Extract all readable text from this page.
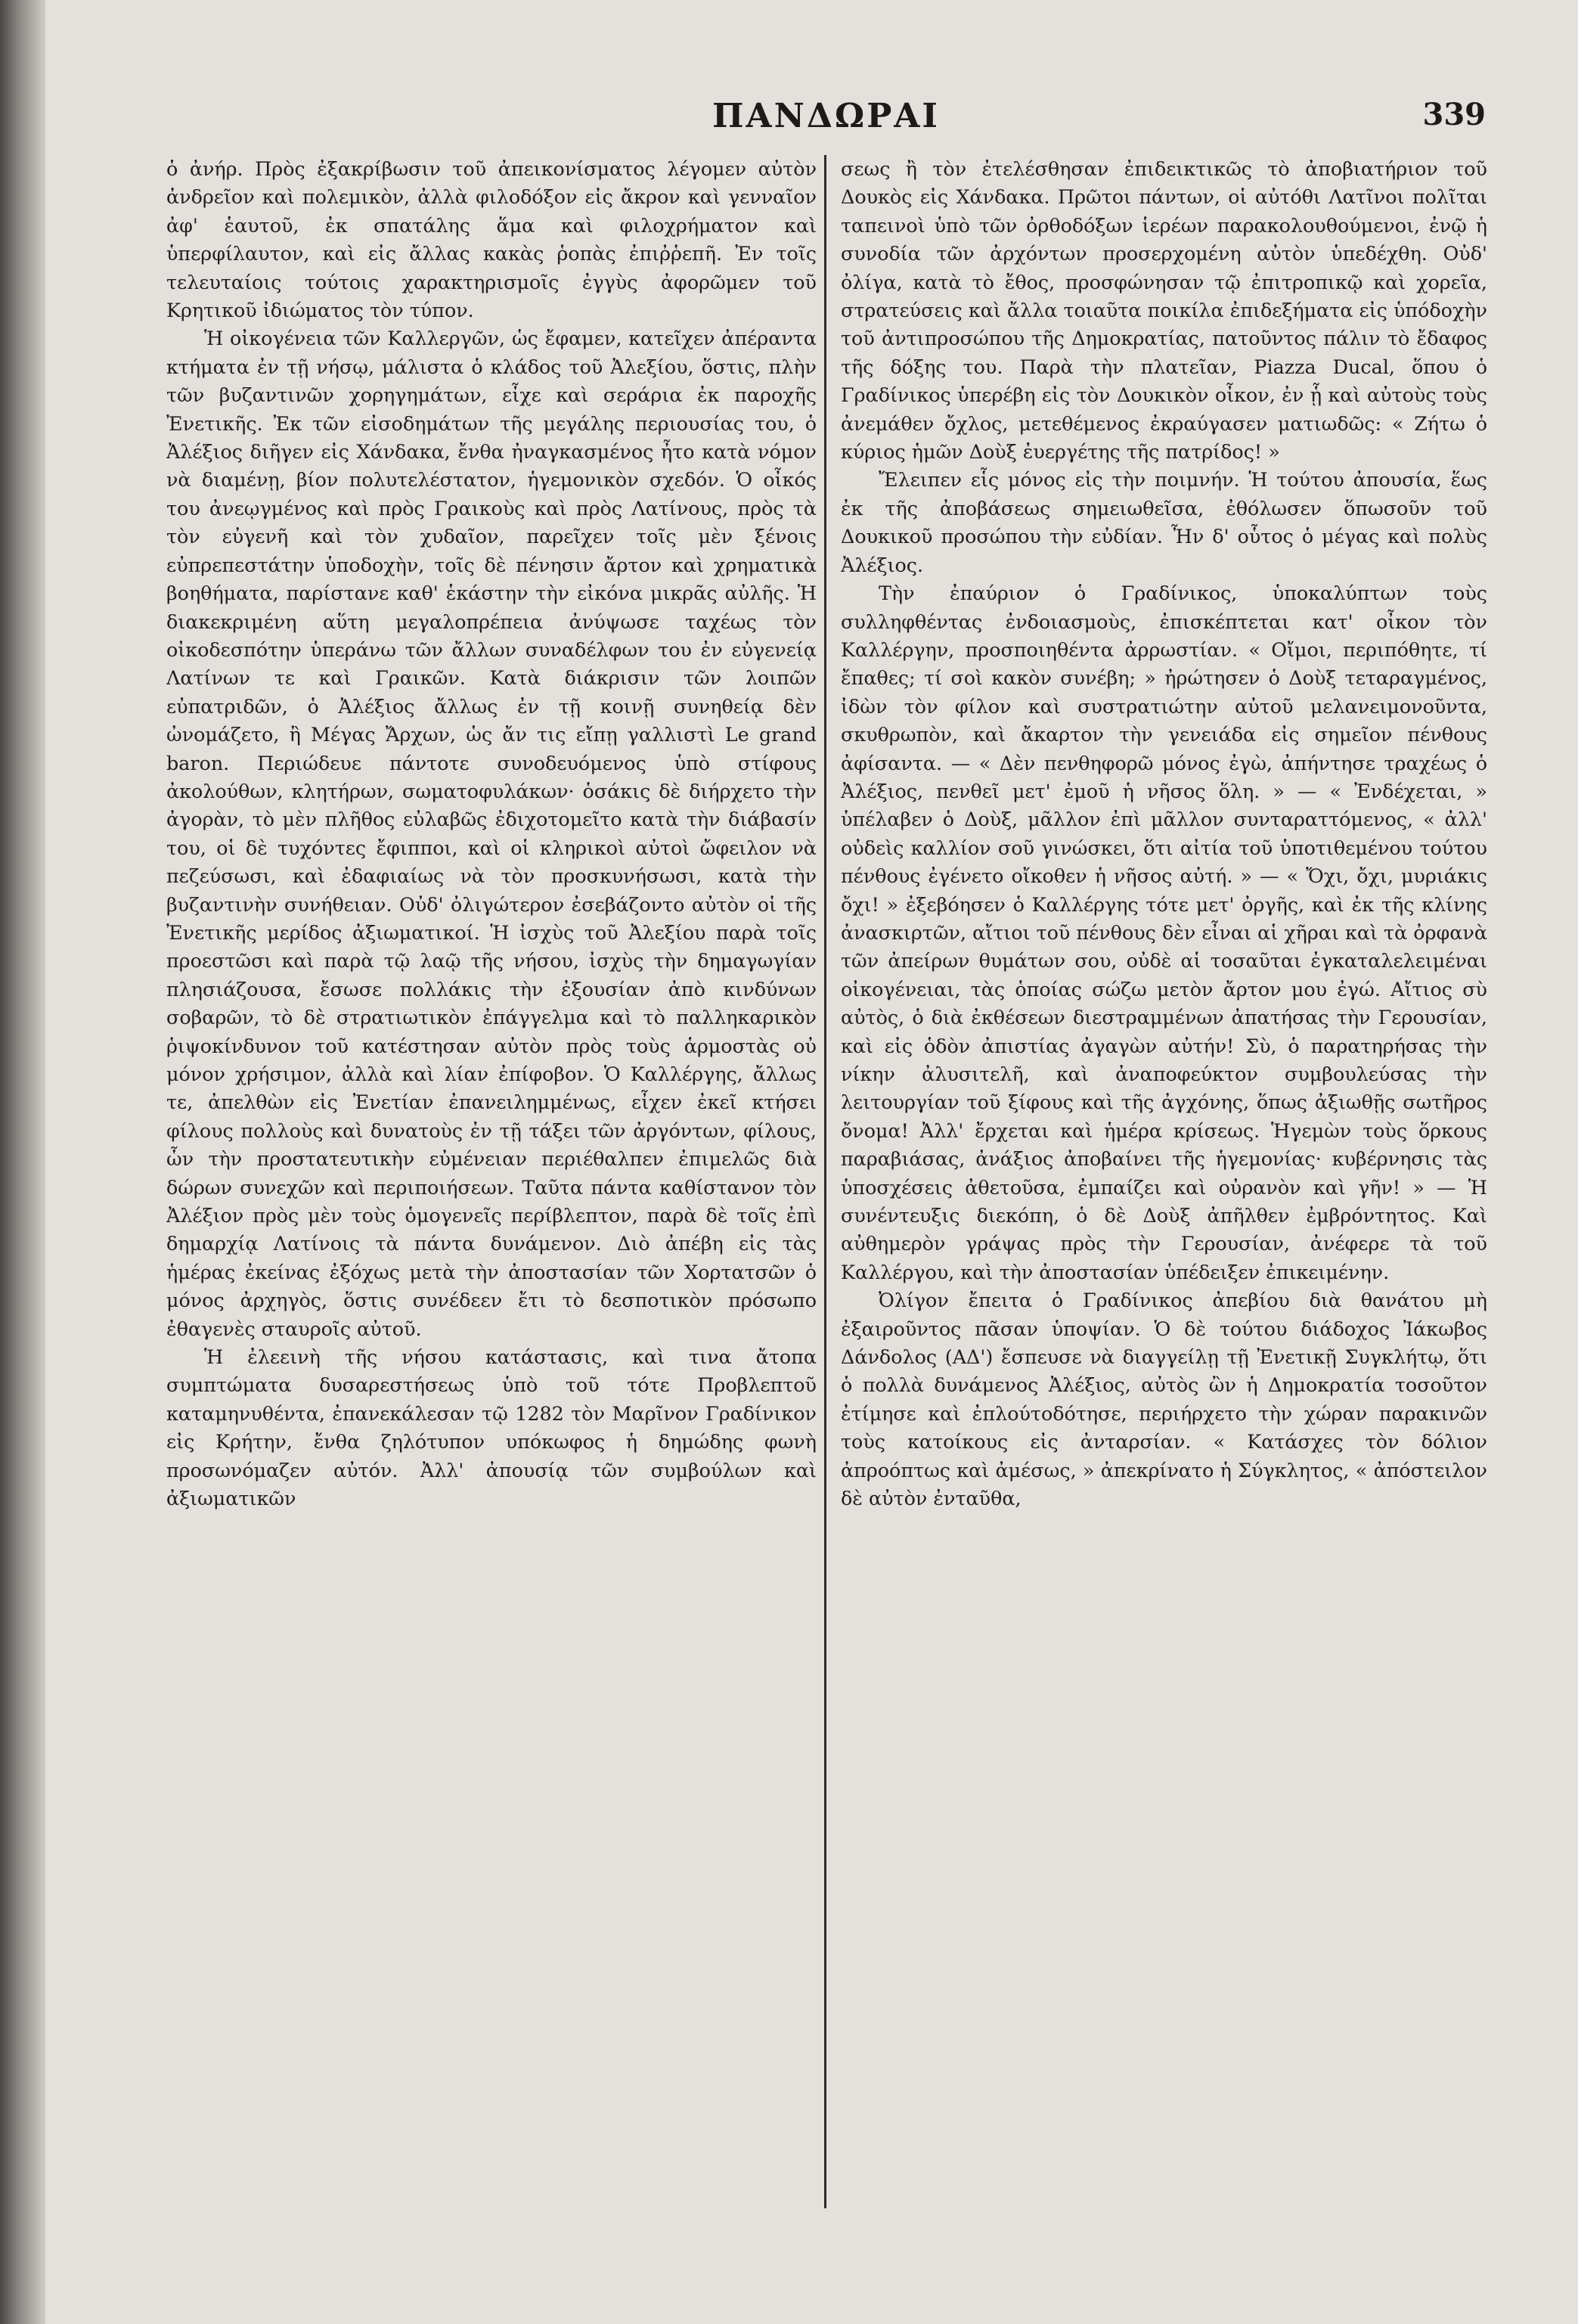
ΠΑΝΔΩΡΑΙ	339

ὁ ἀνήρ. Πρὸς ἐξακρίβωσιν τοῦ ἀπεικονίσματος λέγομεν αὐτὸν ἀνδρεῖον καὶ πολεμικὸν, ἀλλὰ φιλοδόξον εἰς ἄκρον καὶ γενναῖον ἀφ' ἑαυτοῦ, ἐκ σπατάλης ἅμα καὶ φιλοχρήματον καὶ ὑπερφίλαυτον, καὶ εἰς ἄλλας κακὰς ῥοπὰς ἐπιῤῥεπῆ. Ἐν τοῖς τελευταίοις τούτοις χαρακτηρισμοῖς ἐγγὺς ἀφορῶμεν τοῦ Κρητικοῦ ἰδιώματος τὸν τύπον.

Ἡ οἰκογένεια τῶν Καλλεργῶν, ὡς ἔφαμεν, κατεῖχεν ἀπέραντα κτήματα ἐν τῇ νήσῳ, μάλιστα ὁ κλάδος τοῦ Ἀλεξίου, ὅστις, πλὴν τῶν βυζαντινῶν χορηγημάτων, εἶχε καὶ σεράρια ἐκ παροχῆς Ἐνετικῆς. Ἐκ τῶν εἰσοδημάτων τῆς μεγάλης περιουσίας του, ὁ Ἀλέξιος διῆγεν εἰς Χάνδακα, ἔνθα ἠναγκασμένος ἦτο κατὰ νόμον νὰ διαμένῃ, βίον πολυτελέστατον, ἡγεμονικὸν σχεδόν. Ὁ οἶκός του ἀνεῳγμένος καὶ πρὸς Γραικοὺς καὶ πρὸς Λατίνους, πρὸς τὰ τὸν εὐγενῆ καὶ τὸν χυδαῖον, παρεῖχεν τοῖς μὲν ξένοις εὐπρεπεστάτην ὑποδοχὴν, τοῖς δὲ πένησιν ἄρτον καὶ χρηματικὰ βοηθήματα, παρίστανε καθ' ἑκάστην τὴν εἰκόνα μικρᾶς αὐλῆς. Ἡ διακεκριμένη αὕτη μεγαλοπρέπεια ἀνύψωσε ταχέως τὸν οἰκοδεσπότην ὑπεράνω τῶν ἄλλων συναδέλφων του ἐν εὐγενείᾳ Λατίνων τε καὶ Γραικῶν. Κατὰ διάκρισιν τῶν λοιπῶν εὐπατριδῶν, ὁ Ἀλέξιος ἄλλως ἐν τῇ κοινῇ συνηθείᾳ δὲν ὠνομάζετο, ἢ Μέγας Ἄρχων, ὡς ἄν τις εἴπῃ γαλλιστὶ Le grand baron. Περιώδευε πάντοτε συνοδευόμενος ὑπὸ στίφους ἀκολούθων, κλητήρων, σωματοφυλάκων· ὁσάκις δὲ διήρχετο τὴν ἀγορὰν, τὸ μὲν πλῆθος εὐλαβῶς ἐδιχοτομεῖτο κατὰ τὴν διάβασίν του, οἱ δὲ τυχόντες ἔφιπποι, καὶ οἱ κληρικοὶ αὐτοὶ ὤφειλον νὰ πεζεύσωσι, καὶ ἐδαφιαίως νὰ τὸν προσκυνήσωσι, κατὰ τὴν βυζαντινὴν συνήθειαν. Οὐδ' ὀλιγώτερον ἐσεβάζοντο αὐτὸν οἱ τῆς Ἐνετικῆς μερίδος ἀξιωματικοί. Ἡ ἰσχὺς τοῦ Ἀλεξίου παρὰ τοῖς προεστῶσι καὶ παρὰ τῷ λαῷ τῆς νήσου, ἰσχὺς τὴν δημαγωγίαν πλησιάζουσα, ἔσωσε πολλάκις τὴν ἐξουσίαν ἀπὸ κινδύνων σοβαρῶν, τὸ δὲ στρατιωτικὸν ἐπάγγελμα καὶ τὸ παλληκαρικὸν ῥιψοκίνδυνον τοῦ κατέστησαν αὐτὸν πρὸς τοὺς ἁρμοστὰς οὐ μόνον χρήσιμον, ἀλλὰ καὶ λίαν ἐπίφοβον. Ὁ Καλλέργης, ἄλλως τε, ἀπελθὼν εἰς Ἐνετίαν ἐπανειλημμένως, εἶχεν ἐκεῖ κτήσει φίλους πολλοὺς καὶ δυνατοὺς ἐν τῇ τάξει τῶν ἀργόντων, φίλους, ὧν τὴν προστατευτικὴν εὐμένειαν περιέθαλπεν ἐπιμελῶς διὰ δώρων συνεχῶν καὶ περιποιήσεων. Ταῦτα πάντα καθίστανον τὸν Ἀλέξιον πρὸς μὲν τοὺς ὁμογενεῖς περίβλεπτον, παρὰ δὲ τοῖς ἐπὶ δημαρχίᾳ Λατίνοις τὰ πάντα δυνάμενον. Διὸ ἀπέβη εἰς τὰς ἡμέρας ἐκείνας ἐξόχως μετὰ τὴν ἀποστασίαν τῶν Χορτατσῶν ὁ μόνος ἀρχηγὸς, ὅστις συνέδεεν ἔτι τὸ δεσποτικὸν πρόσωπο ἐθαγενὲς σταυροῖς αὐτοῦ.

Ἡ ἐλεεινὴ τῆς νήσου κατάστασις, καὶ τινα ἄτοπα συμπτώματα δυσαρεστήσεως ὑπὸ τοῦ τότε Προβλεπτοῦ καταμηνυθέντα, ἐπανεκάλεσαν τῷ 1282 τὸν Μαρῖνον Γραδίνικον εἰς Κρήτην, ἔνθα ζηλότυπον υπόκωφος ἡ δημώδης φωνὴ προσωνόμαζεν αὐτόν. Ἀλλ' ἀπουσίᾳ τῶν συμβούλων καὶ ἀξιωματικῶν

σεως ἢ τὸν ἐτελέσθησαν ἐπιδεικτικῶς τὸ ἀποβιατήριον τοῦ Δουκὸς εἰς Χάνδακα. Πρῶτοι πάντων, οἱ αὐτόθι Λατῖνοι πολῖται ταπεινοὶ ὑπὸ τῶν ὀρθοδόξων ἱερέων παρακολουθούμενοι, ἐνῷ ἡ συνοδία τῶν ἀρχόντων προσερχομένη αὐτὸν ὑπεδέχθη. Οὐδ' ὀλίγα, κατὰ τὸ ἔθος, προσφώνησαν τῷ ἐπιτροπικῷ καὶ χορεῖα, στρατεύσεις καὶ ἄλλα τοιαῦτα ποικίλα ἐπιδεξήματα εἰς ὑπόδοχὴν τοῦ ἀντιπροσώπου τῆς Δημοκρατίας, πατοῦντος πάλιν τὸ ἔδαφος τῆς δόξης του. Παρὰ τὴν πλατεῖαν, Piazza Ducal, ὅπου ὁ Γραδίνικος ὑπερέβη εἰς τὸν Δουκικὸν οἶκον, ἐν ᾗ καὶ αὐτοὺς τοὺς ἀνεμάθεν ὄχλος, μετεθέμενος ἐκραύγασεν ματιωδῶς: « Ζήτω ὁ κύριος ἡμῶν Δοὺξ ἐυεργέτης τῆς πατρίδος! »

Ἔλειπεν εἷς μόνος εἰς τὴν ποιμνήν. Ἡ τούτου ἀπουσία, ἕως ἐκ τῆς ἀποβάσεως σημειωθεῖσα, ἐθόλωσεν ὅπωσοῦν τοῦ Δουκικοῦ προσώπου τὴν εὐδίαν. Ἦν δ' οὗτος ὁ μέγας καὶ πολὺς Ἀλέξιος.

Τὴν ἐπαύριον ὁ Γραδίνικος, ὑποκαλύπτων τοὺς συλληφθέντας ἐνδοιασμοὺς, ἐπισκέπτεται κατ' οἶκον τὸν Καλλέργην, προσποιηθέντα ἀρρωστίαν. « Οἴμοι, περιπόθητε, τί ἔπαθες; τί σοὶ κακὸν συνέβη; » ἠρώτησεν ὁ Δοὺξ τεταραγμένος, ἰδὼν τὸν φίλον καὶ συστρατιώτην αὐτοῦ μελανειμονοῦντα, σκυθρωπὸν, καὶ ἄκαρτον τὴν γενειάδα εἰς σημεῖον πένθους ἀφίσαντα. — « Δὲν πενθηφορῶ μόνος ἐγὼ, ἀπήντησε τραχέως ὁ Ἀλέξιος, πενθεῖ μετ' ἐμοῦ ἡ νῆσος ὅλη. » — « Ἐνδέχεται, » ὑπέλαβεν ὁ Δοὺξ, μᾶλλον ἐπὶ μᾶλλον συνταραττόμενος, « ἀλλ' οὐδεὶς καλλίον σοῦ γινώσκει, ὅτι αἰτία τοῦ ὑποτιθεμένου τούτου πένθους ἐγένετο οἴκοθεν ἡ νῆσος αὐτή. » — « Ὄχι, ὄχι, μυριάκις ὄχι! » ἐξεβόησεν ὁ Καλλέργης τότε μετ' ὀργῆς, καὶ ἐκ τῆς κλίνης ἀνασκιρτῶν, αἴτιοι τοῦ πένθους δὲν εἶναι αἱ χῆραι καὶ τὰ ὀρφανὰ τῶν ἀπείρων θυμάτων σου, οὐδὲ αἱ τοσαῦται ἐγκαταλελειμέναι οἰκογένειαι, τὰς ὁποίας σώζω μετὸν ἄρτον μου ἐγώ. Αἴτιος σὺ αὐτὸς, ὁ διὰ ἐκθέσεων διεστραμμένων ἀπατήσας τὴν Γερουσίαν, καὶ εἰς ὁδὸν ἀπιστίας ἀγαγὼν αὐτήν! Σὺ, ὁ παρατηρήσας τὴν νίκην ἀλυσιτελῆ, καὶ ἀναποφεύκτον συμβουλεύσας τὴν λειτουργίαν τοῦ ξίφους καὶ τῆς ἀγχόνης, ὅπως ἀξιωθῇς σωτῆρος ὄνομα! Ἀλλ' ἔρχεται καὶ ἡμέρα κρίσεως. Ἡγεμὼν τοὺς ὅρκους παραβιάσας, ἀνάξιος ἀποβαίνει τῆς ἡγεμονίας· κυβέρνησις τὰς ὑποσχέσεις ἀθετοῦσα, ἐμπαίζει καὶ οὐρανὸν καὶ γῆν! » — Ἡ συνέντευξις διεκόπη, ὁ δὲ Δοὺξ ἀπῆλθεν ἐμβρόντητος. Καὶ αὐθημερὸν γράψας πρὸς τὴν Γερουσίαν, ἀνέφερε τὰ τοῦ Καλλέργου, καὶ τὴν ἀποστασίαν ὑπέδειξεν ἐπικειμένην.

Ὀλίγον ἔπειτα ὁ Γραδίνικος ἀπεβίου διὰ θανάτου μὴ ἐξαιροῦντος πᾶσαν ὑποψίαν. Ὁ δὲ τούτου διάδοχος Ἰάκωβος Δάνδολος (ΑΔ') ἔσπευσε νὰ διαγγείλῃ τῇ Ἐνετικῇ Συγκλήτῳ, ὅτι ὁ πολλὰ δυνάμενος Ἀλέξιος, αὐτὸς ὢν ἡ Δημοκρατία τοσοῦτον ἐτίμησε καὶ ἐπλούτοδότησε, περιήρχετο τὴν χώραν παρακινῶν τοὺς κατοίκους εἰς ἀνταρσίαν. « Κατάσχες τὸν δόλιον ἀπροόπτως καὶ ἀμέσως, » ἀπεκρίνατο ἡ Σύγκλητος, « ἀπόστειλον δὲ αὐτὸν ἐνταῦθα,
